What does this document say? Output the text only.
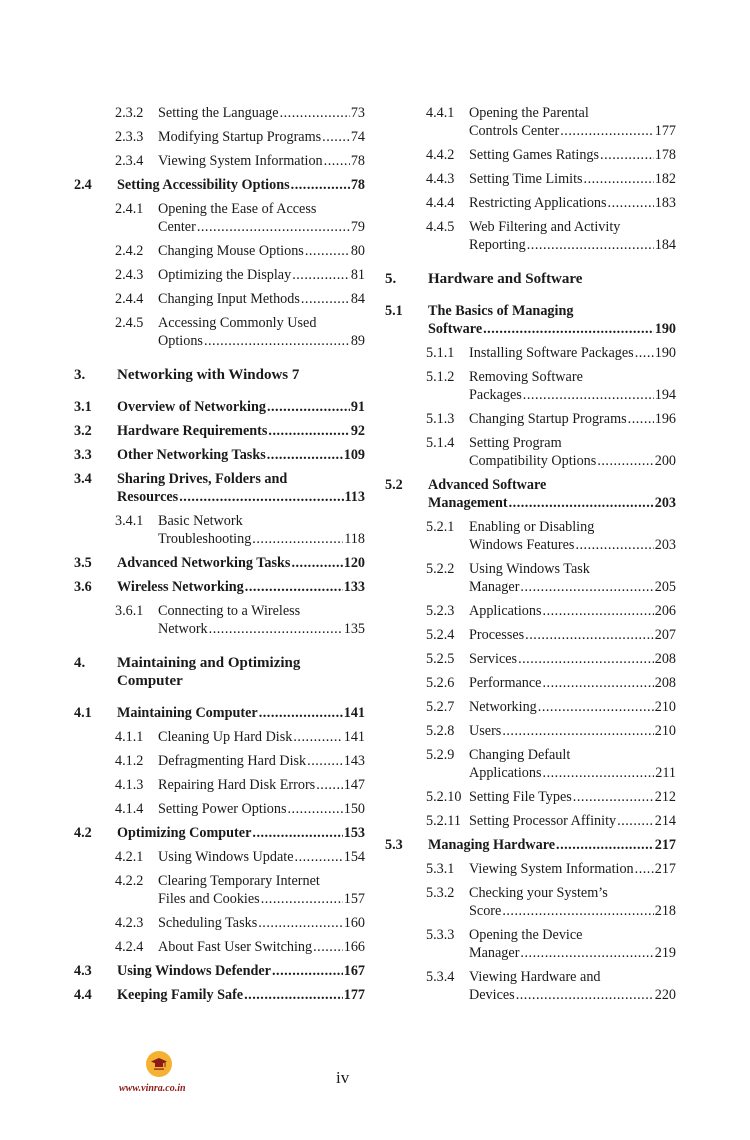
2.3.2 Setting the Language .....	73
2.3.3 Modifying Startup Programs ..... 74
2.3.4 Viewing System Information ..... 78
2.4 Setting Accessibility Options .....	78
2.4.1 Opening the Ease of Access
Center .....	79
2.4.2 Changing Mouse Options .....	80
2.4.3 Optimizing the Display .....	81
2.4.4 Changing Input Methods .....	84
2.4.5 Accessing Commonly Used
Options .....	89
3. Networking with Windows 7
3.1 Overview of Networking .....	91
3.2 Hardware Requirements .....	92
3.3 Other Networking Tasks .....	109
3.4 Sharing Drives, Folders and
Resources .....	113
3.4.1 Basic Network
Troubleshooting .....	118
3.5 Advanced Networking Tasks .....	120
3.6 Wireless Networking .....	133
3.6.1 Connecting to a Wireless
Network .....	135
4. Maintaining and Optimizing
Computer
4.1 Maintaining Computer .....	141
4.1.1 Cleaning Up Hard Disk .....	141
4.1.2 Defragmenting Hard Disk .....	143
4.1.3 Repairing Hard Disk Errors ..... 147
4.1.4 Setting Power Options .....	150
4.2 Optimizing Computer .....	153
4.2.1 Using Windows Update .....	154
4.2.2 Clearing Temporary Internet
Files and Cookies .....	157
4.2.3 Scheduling Tasks .....	160
4.2.4 About Fast User Switching ..... 166
4.3 Using Windows Defender .....	167
4.4 Keeping Family Safe .....	177
4.4.1 Opening the Parental
Controls Center .....	177
4.4.2 Setting Games Ratings .....	178
4.4.3 Setting Time Limits .....	182
4.4.4 Restricting Applications .....	183
4.4.5 Web Filtering and Activity
Reporting .....	184
5. Hardware and Software
5.1 The Basics of Managing
Software .....	190
5.1.1 Installing Software Packages ..... 190
5.1.2 Removing Software
Packages .....	194
5.1.3 Changing Startup Programs ..... 196
5.1.4 Setting Program
Compatibility Options .....	200
5.2 Advanced Software
Management .....	203
5.2.1 Enabling or Disabling
Windows Features .....	203
5.2.2 Using Windows Task
Manager .....	205
5.2.3 Applications .....	206
5.2.4 Processes .....	207
5.2.5 Services .....	208
5.2.6 Performance .....	208
5.2.7 Networking .....	210
5.2.8 Users .....	210
5.2.9 Changing Default
Applications .....	211
5.2.10 Setting File Types .....	212
5.2.11 Setting Processor Affinity .....	214
5.3 Managing Hardware .....	217
5.3.1 Viewing System Information ..... 217
5.3.2 Checking your System’s
Score .....	218
5.3.3 Opening the Device
Manager .....	219
5.3.4 Viewing Hardware and
Devices .....	220
www.vinra.co.in
iv
